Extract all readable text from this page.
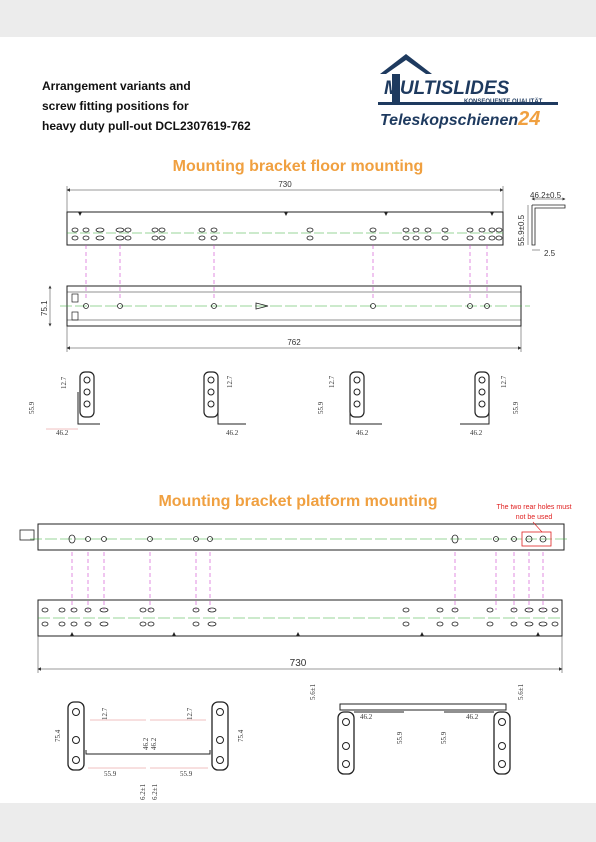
Arrangement variants and
screw fitting positions for
heavy duty pull-out DCL2307619-762
MULTISLIDES
KONSEQUENTE QUALITÄT
Teleskopschienen24
Mounting bracket floor mounting
Mounting bracket platform mounting	The two rear holes must not be used
730
46.2±0.5
55.9±0.5
2.5
75.1
762
12.7
55.9
46.2
12.7
46.2
12.7
55.9
46.2
12.7
55.9
46.2
730
12.7	12.7
75.4	75.4
46.2 46.2
55.9	55.9
6.2±1 6.2±1
5.6±1	5.6±1
46.2	46.2
55.9	55.9
